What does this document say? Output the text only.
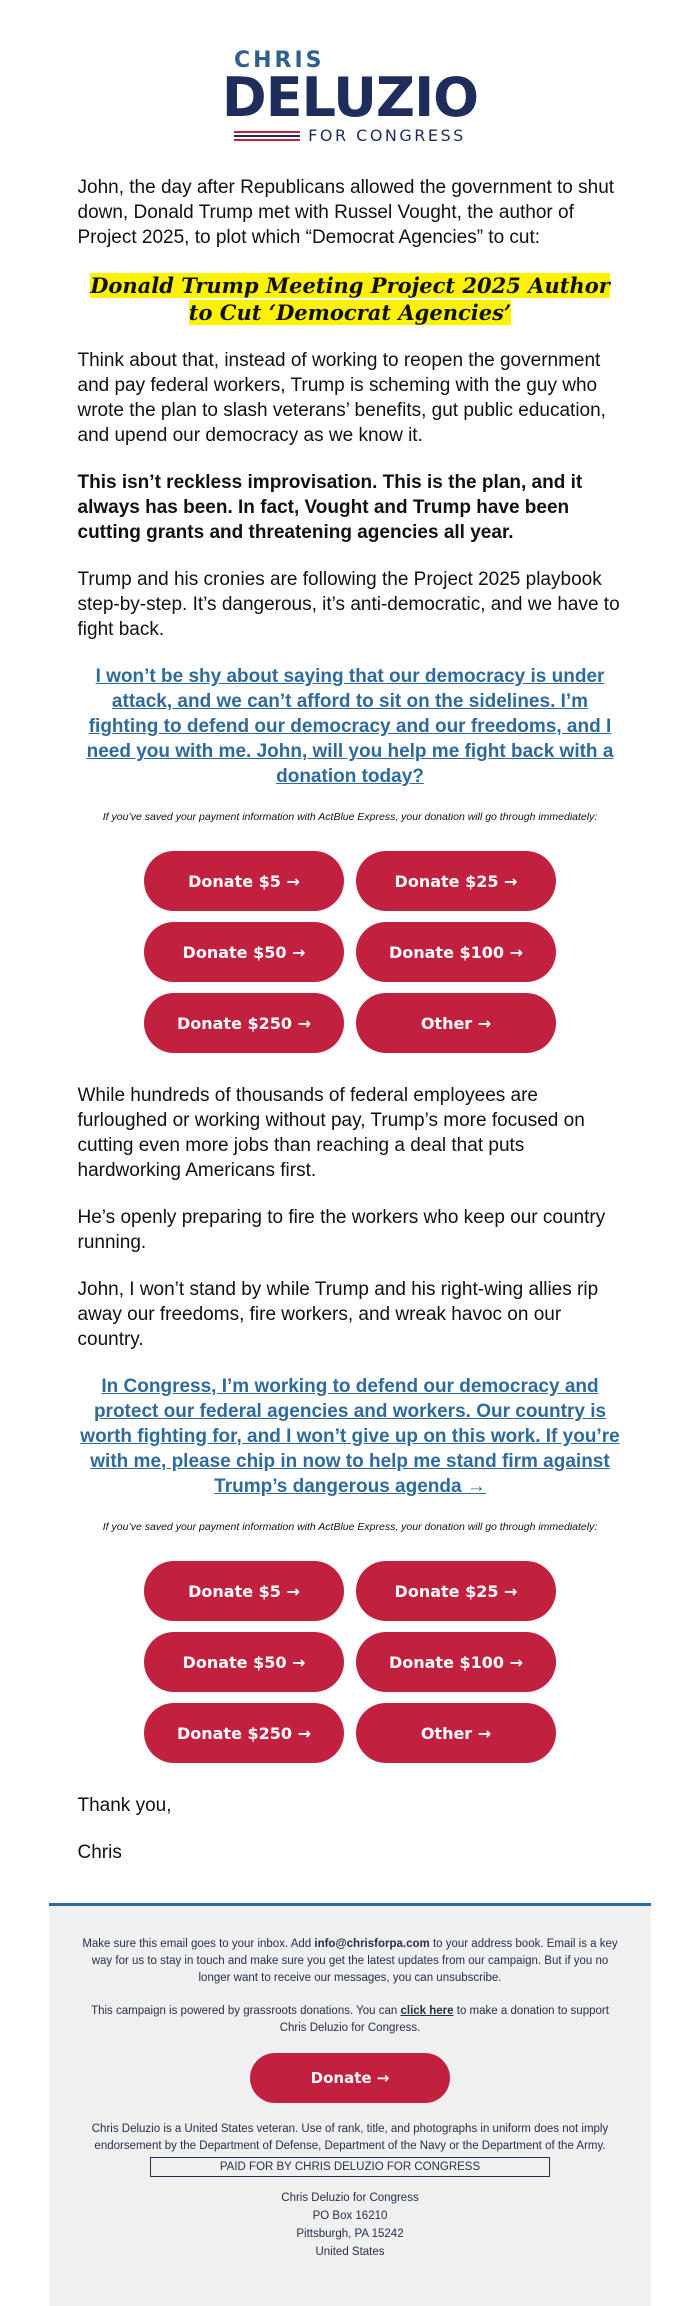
CHRIS
DELUZIO
FOR CONGRESS

John, the day after Republicans allowed the government to shut down, Donald Trump met with Russel Vought, the author of Project 2025, to plot which “Democrat Agencies” to cut:

Donald Trump Meeting Project 2025 Author to Cut ‘Democrat Agencies’

Think about that, instead of working to reopen the government and pay federal workers, Trump is scheming with the guy who wrote the plan to slash veterans’ benefits, gut public education, and upend our democracy as we know it.

This isn’t reckless improvisation. This is the plan, and it always has been. In fact, Vought and Trump have been cutting grants and threatening agencies all year.

Trump and his cronies are following the Project 2025 playbook step-by-step. It’s dangerous, it’s anti-democratic, and we have to fight back.

I won’t be shy about saying that our democracy is under attack, and we can’t afford to sit on the sidelines. I’m fighting to defend our democracy and our freedoms, and I need you with me. John, will you help me fight back with a donation today?
If you’ve saved your payment information with ActBlue Express, your donation will go through immediately:
Donate $5 →	Donate $25 →
Donate $50 →	Donate $100 →
Donate $250 →	Other →

While hundreds of thousands of federal employees are furloughed or working without pay, Trump’s more focused on cutting even more jobs than reaching a deal that puts hardworking Americans first.

He’s openly preparing to fire the workers who keep our country running.

John, I won’t stand by while Trump and his right-wing allies rip away our freedoms, fire workers, and wreak havoc on our country.

In Congress, I’m working to defend our democracy and protect our federal agencies and workers. Our country is worth fighting for, and I won’t give up on this work. If you’re with me, please chip in now to help me stand firm against Trump’s dangerous agenda →
If you’ve saved your payment information with ActBlue Express, your donation will go through immediately:
Donate $5 →	Donate $25 →
Donate $50 →	Donate $100 →
Donate $250 →	Other →

Thank you,

Chris

Make sure this email goes to your inbox. Add info@chrisforpa.com to your address book. Email is a key way for us to stay in touch and make sure you get the latest updates from our campaign. But if you no longer want to receive our messages, you can unsubscribe.

This campaign is powered by grassroots donations. You can click here to make a donation to support Chris Deluzio for Congress.

Donate →

Chris Deluzio is a United States veteran. Use of rank, title, and photographs in uniform does not imply endorsement by the Department of Defense, Department of the Navy or the Department of the Army.

PAID FOR BY CHRIS DELUZIO FOR CONGRESS
Chris Deluzio for Congress
PO Box 16210
Pittsburgh, PA 15242
United States
